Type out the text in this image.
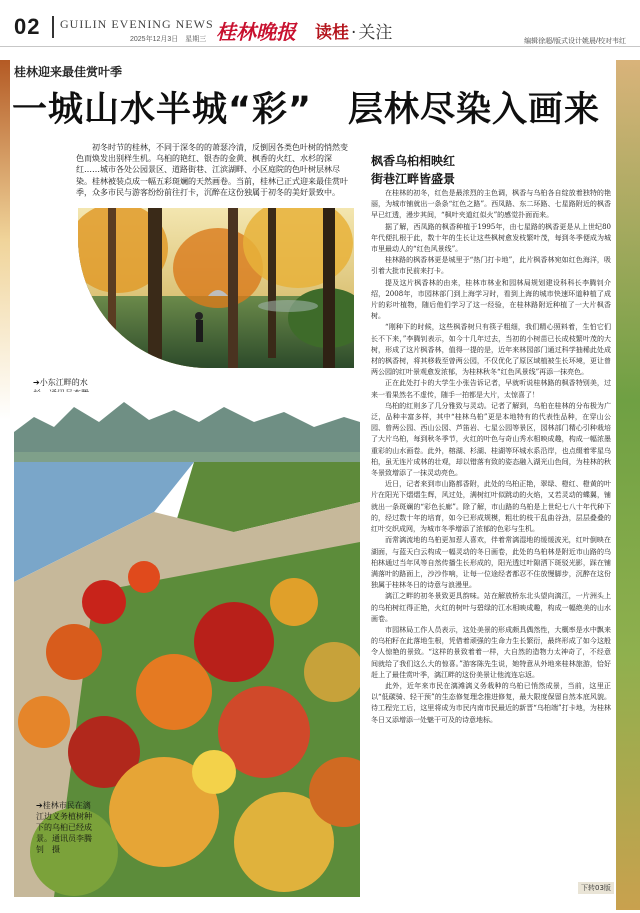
02 GUILIN EVENING NEWS
2025年12月3日　星期三 桂林晚报 读桂 · 关注	编辑徐超/版式设计姚晨/校对韦红
桂林迎来最佳赏叶季
一城山水半城“彩”　层林尽染入画来
初冬时节的桂林，不同于深冬的的萧瑟冷清，反倒因各类色叶树的悄然变色而焕发出别样生机。乌桕的艳红、银杏的金黄、枫香的火红、水杉的深红……城市各处公园景区、道路街巷、江滨湖畔、小区庭院的色叶树层林尽染。桂林被装点成一幅五彩斑斓的天然画卷。当前，桂林已正式迎来最佳赏叶季，众多市民与游客纷纷前往打卡，沉醉在这份独属于初冬的美好景致中。
➔小东江畔的水　
➔桂林市民在漓江边义务植树种下的乌桕已经成景。通讯员李腾钊　摄
枫香乌桕相映红
街巷江畔皆盛景

在桂林的初冬，红色是最浓烈的主色调，枫香与乌桕各自绽放着独特的艳丽，为城市铺就出一条条“红色之路”。西凤路、东二环路、七星路附近的枫香早已红透，漫步其间，“枫叶夹道红似火”的感觉扑面而来。

据了解，西凤路的枫香种植于1995年，由七星路的枫香更是从上世纪80年代便扎根于此，数十年的生长让这些枫树愈发枝繁叶茂，每到冬季便成为城市里最动人的“红色风景线”。

桂林路的枫香林更是城里于“热门打卡地”，此片枫香林宛如红色海洋，吸引着大批市民前来打卡。

提及这片枫香林的由来，桂林市林业和园林局规划建设科科长李腾钊介绍，2008年，市园林部门到上海学习时，看到上海的城市快速环道种植了成片的彩叶植物，随后他们学习了这一经验，在桂林路附近种植了一大片枫香树。

“刚种下的时候，这些枫香树只有筷子粗细，我们精心照料着，生怕它们长不下来，”李腾钊表示，如今十几年过去，当初的小树苗已长成枝繁叶茂的大树，形成了这片枫香林，值得一提的是，近年来林园部门通过科学抽稀此处成材的枫香树，将其移栽至曾两公园，不仅优化了原区域植被生长环境，更让曾两公园的红叶景观愈发浓郁，为桂林秋冬“红色风景线”再添一抹亮色。

正在此处打卡的大学生小张告诉记者，早就听说桂林路的枫香特别美，过来一看果然名不虚传，随手一拍都是大片，太惊喜了！

乌桕的红则多了几分雅致与灵动。记者了解到，乌桕在桂林的分布极为广泛，品种丰富多样，其中“桂林乌桕”更是本地特有的代表性品种，在穿山公园、曾两公园、西山公园、芦笛岩、七星公园等景区，园林部门精心引种栽培了大片乌桕，每到秋冬季节，火红的叶色与奇山秀水相映成趣，构成一幅浓墨重彩的山水画卷。此外，榕湖、杉湖、桂湖等环城水系沿岸，也点缀着零星乌桕，虽无连片成林的壮观，却以错落有致的姿态融入湖光山色间，为桂林的秋冬景致增添了一抹灵动亮色。

近日，记者来到市山路都香附，此处的乌桕正艳，翠绿、橙红、橙黄的叶片在阳光下熠熠生辉，风过处，满树红叶似跳动的火焰，又若灵动的蝶翼，铺就出一条斑斓的“彩色长廊”。除了解，市山路的乌桕是上世纪七八十年代种下的，经过数十年的培育，如今已形成规模，粗壮的枝干乱曲谷劲，层层叠叠的红叶交织成网，为城市冬季增添了浓郁的色彩与生机。

而常漓流地的乌桕更加惹人喜欢，伴着常漓湿地的缓缓波光，红叶倒映在湖面，与蓝天白云构成一幅灵动的冬日画卷，此处的乌桕林是附近市山路的乌桕林通过当年风等自然传播生长形成的，阳光透过叶隙洒下斑驳光影，踩在铺满落叶的路面上，沙沙作响，让每一位途经者都忍不住放慢脚步，沉醉在这份独属于桂林冬日的诗意与浪漫里。

漓江之畔的初冬景致更具韵味。站在解放桥东北头望向漓江，一片洲头上的乌桕树红得正艳，火红的树叶与碧绿的江水相映成趣，构成一幅绝美的山水画卷。

市园林局工作人员表示，这处美景的形成颇具偶然性，大概率是水中飘来的乌桕籽在此落地生根，凭借着顽强的生命力生长繁衍，最终形成了如今这般令人惊艳的景致。“这样的景致着着一样，大自然的造物力太神奇了，不经意间就给了我们这么大的惊喜。”游客陈先生说，她特意从外地来桂林旅游，恰好赶上了最佳赏叶季，漓江畔的这份美景让他流连忘返。

此外，近年来市民在漓滩漓义务栽种的乌桕已悄然成景，当前，这里正以“低碳骑、轻干预”的生态修复理念推进修复，最大限度保留自然本底风貌。待工程完工后，这里将成为市民内南市民最近的新晋“乌桕端”打卡地，为桂林冬日又添增添一处魅干可及的诗意地标。

下转03版
